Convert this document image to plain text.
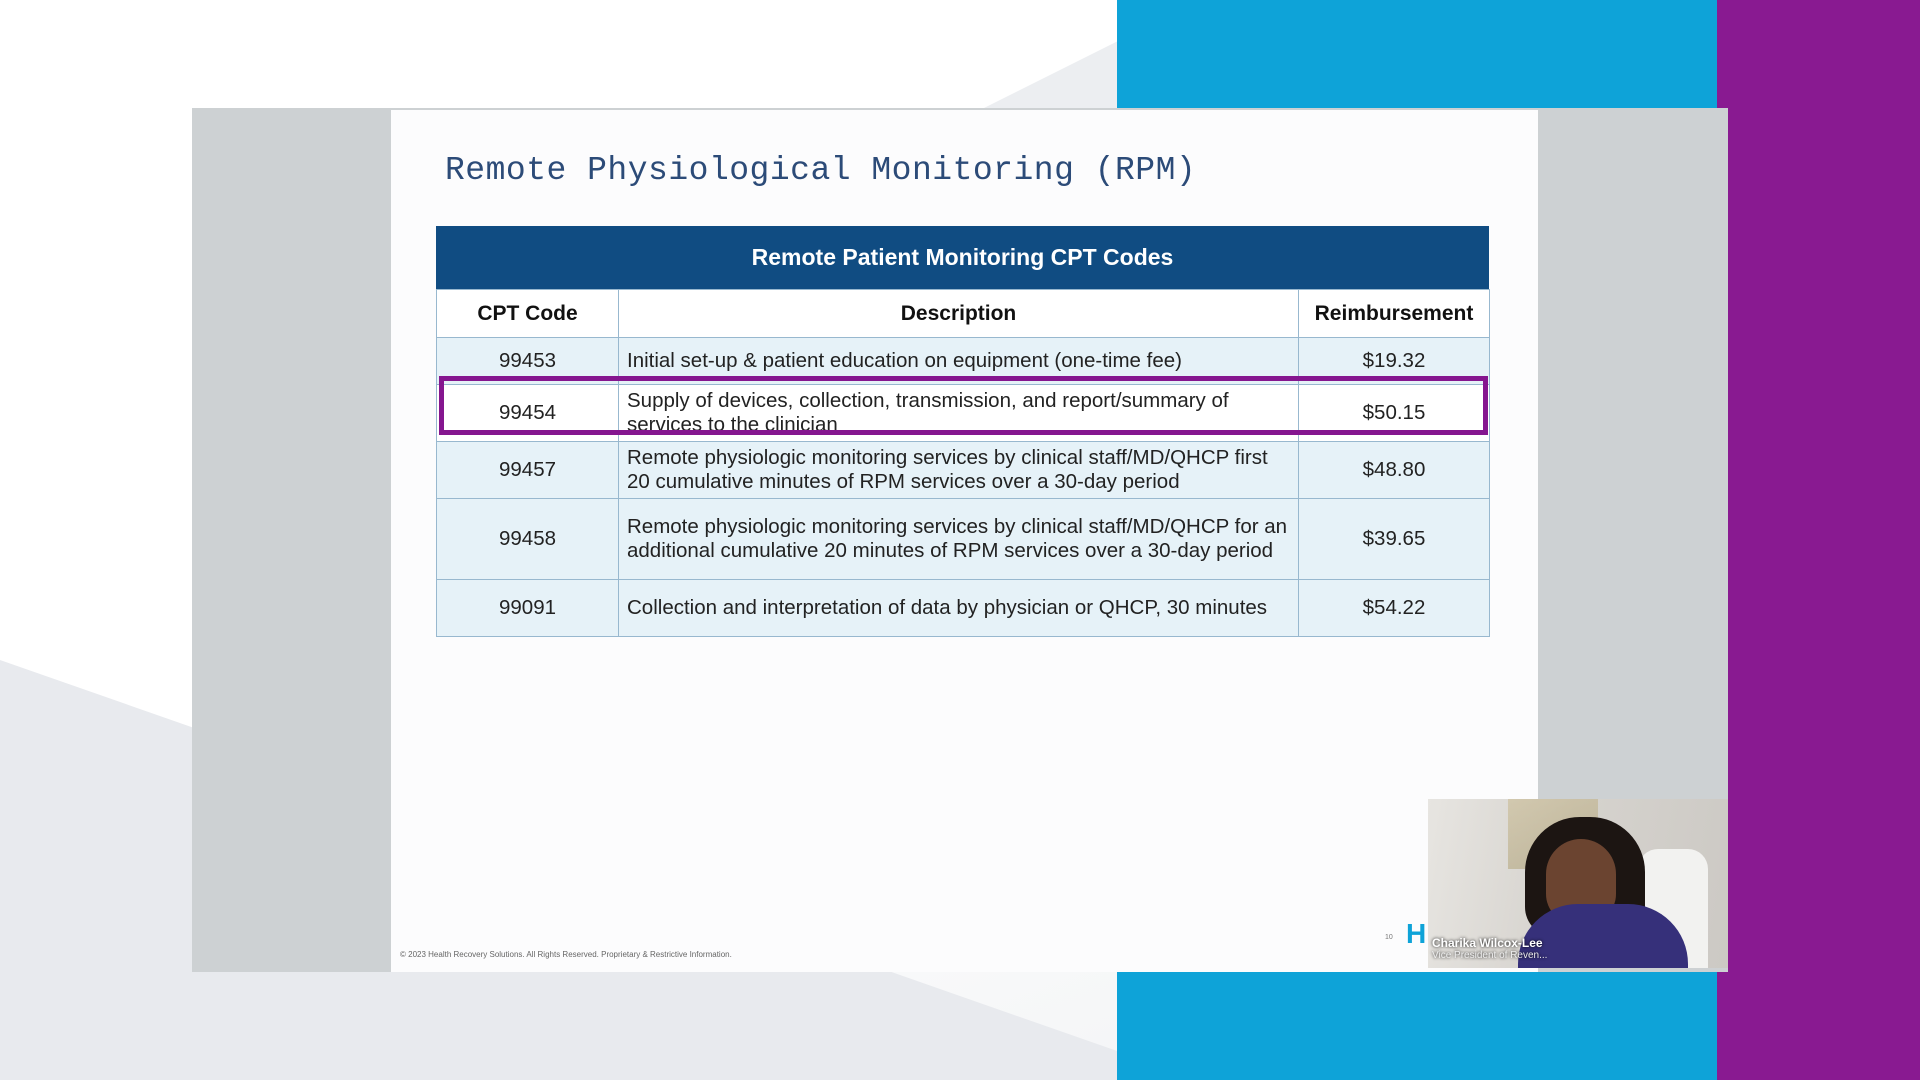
Remote Physiological Monitoring (RPM)
Remote Patient Monitoring CPT Codes
CPT Code	Description	Reimbursement
99453	Initial set-up & patient education on equipment (one-time fee)	$19.32
99454	Supply of devices, collection, transmission, and report/summary of services to the clinician	$50.15
99457	Remote physiologic monitoring services by clinical staff/MD/QHCP first 20 cumulative minutes of RPM services over a 30-day period	$48.80
99458	Remote physiologic monitoring services by clinical staff/MD/QHCP for an additional cumulative 20 minutes of RPM services over a 30-day period	$39.65
99091	Collection and interpretation of data by physician or QHCP, 30 minutes	$54.22
© 2023 Health Recovery Solutions. All Rights Reserved. Proprietary & Restrictive Information.
10 H Charika Wilcox-Lee
Vice President of Reven...
